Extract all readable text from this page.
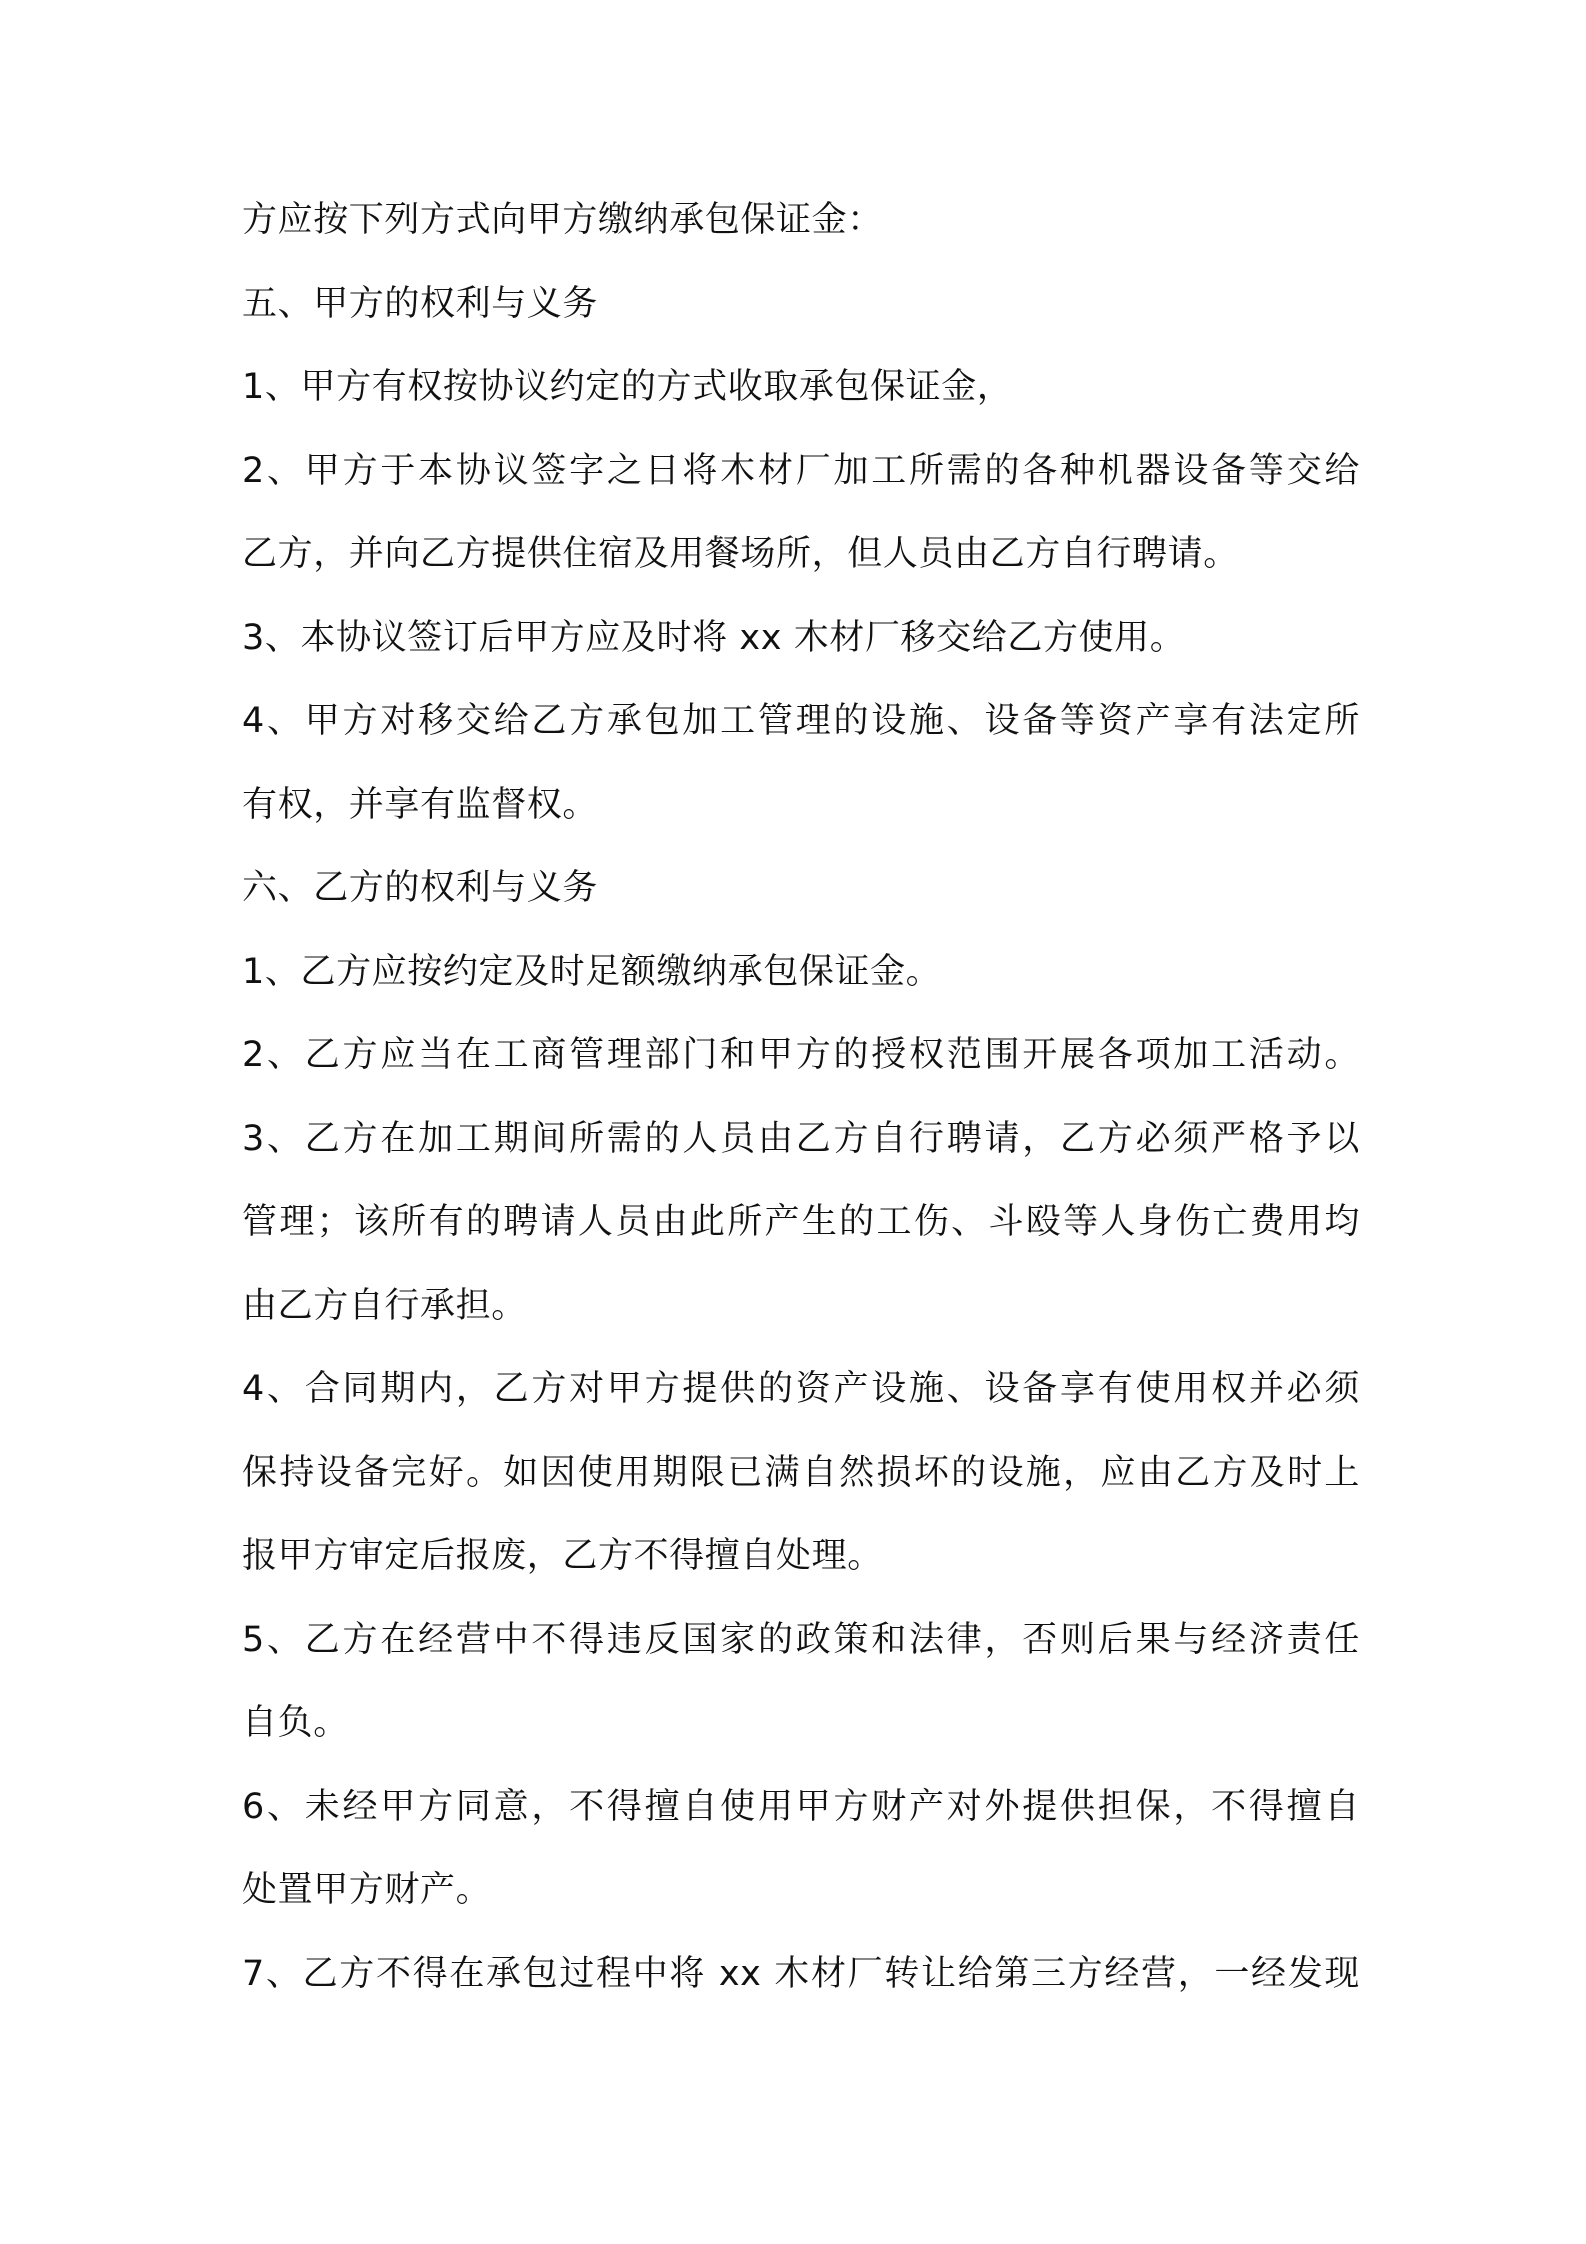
方应按下列方式向甲方缴纳承包保证金：
五、甲方的权利与义务
1、甲方有权按协议约定的方式收取承包保证金，
2、甲方于本协议签字之日将木材厂加工所需的各种机器设备等交给
乙方，并向乙方提供住宿及用餐场所，但人员由乙方自行聘请。
3、本协议签订后甲方应及时将 xx 木材厂移交给乙方使用。
4、甲方对移交给乙方承包加工管理的设施、设备等资产享有法定所
有权，并享有监督权。
六、乙方的权利与义务
1、乙方应按约定及时足额缴纳承包保证金。
2、乙方应当在工商管理部门和甲方的授权范围开展各项加工活动。
3、乙方在加工期间所需的人员由乙方自行聘请，乙方必须严格予以
管理；该所有的聘请人员由此所产生的工伤、斗殴等人身伤亡费用均
由乙方自行承担。
4、合同期内，乙方对甲方提供的资产设施、设备享有使用权并必须
保持设备完好。如因使用期限已满自然损坏的设施，应由乙方及时上
报甲方审定后报废，乙方不得擅自处理。
5、乙方在经营中不得违反国家的政策和法律，否则后果与经济责任
自负。
6、未经甲方同意，不得擅自使用甲方财产对外提供担保，不得擅自
处置甲方财产。
7、乙方不得在承包过程中将 xx 木材厂转让给第三方经营，一经发现
